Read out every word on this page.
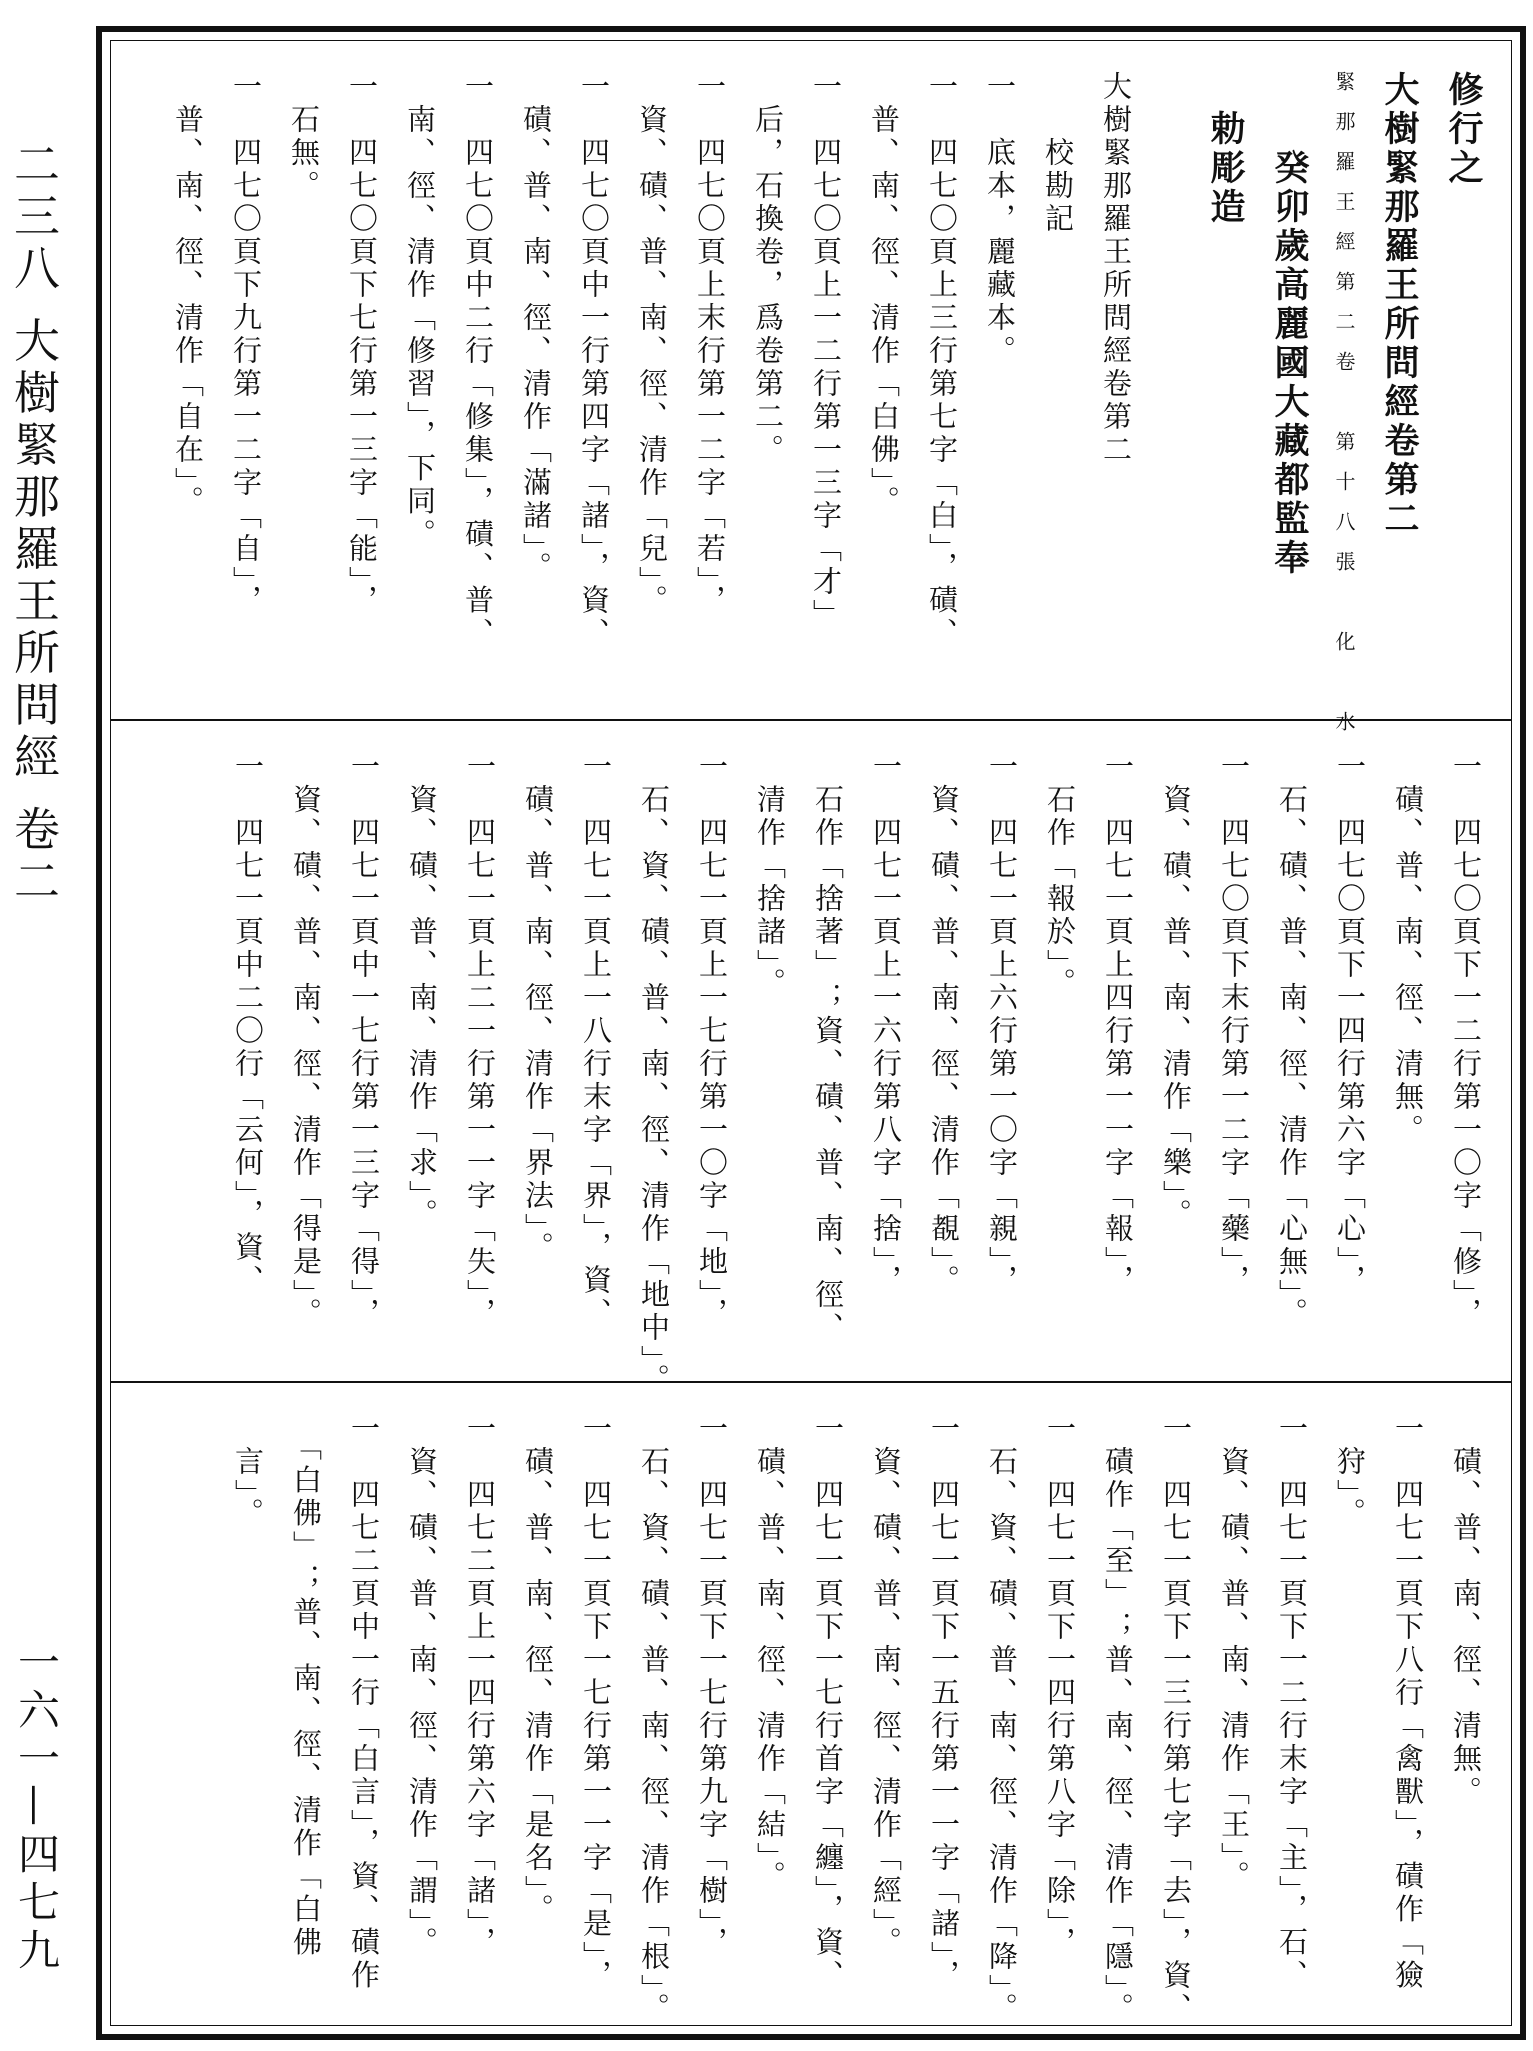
二三八 大樹緊那羅王所問經 卷二
一六一—四七九
修行之
大樹緊那羅王所問經卷第二
緊那羅王經第二卷　第十八張　化　水
　　癸卯歲高麗國大藏都監奉
　勅彫造
大樹緊那羅王所問經卷第二
　　校勘記
一　底本，麗藏本。
一　四七〇頁上三行第七字「白」，磧、
　普、南、徑、清作「白佛」。
一　四七〇頁上一二行第一三字「才」
　后，石換卷，爲卷第二。
一　四七〇頁上末行第一二字「若」，
　資、磧、普、南、徑、清作「兒」。
一　四七〇頁中一行第四字「諸」，資、
　磧、普、南、徑、清作「滿諸」。
一　四七〇頁中二行「修集」，磧、普、
　南、徑、清作「修習」，下同。
一　四七〇頁下七行第一三字「能」，
　石無。
一　四七〇頁下九行第一二字「自」，
　普、南、徑、清作「自在」。
一　四七〇頁下一二行第一〇字「修」，
　磧、普、南、徑、清無。
一　四七〇頁下一四行第六字「心」，
　石、磧、普、南、徑、清作「心無」。
一　四七〇頁下末行第一二字「藥」，
　資、磧、普、南、清作「樂」。
一　四七一頁上四行第一一字「報」，
　石作「報於」。
一　四七一頁上六行第一〇字「親」，
　資、磧、普、南、徑、清作「覩」。
一　四七一頁上一六行第八字「捨」，
　石作「捨著」；資、磧、普、南、徑、
　清作「捨諸」。
一　四七一頁上一七行第一〇字「地」，
　石、資、磧、普、南、徑、清作「地中」。
一　四七一頁上一八行末字「界」，資、
　磧、普、南、徑、清作「界法」。
一　四七一頁上二一行第一一字「失」，
　資、磧、普、南、清作「求」。
一　四七一頁中一七行第一三字「得」，
　資、磧、普、南、徑、清作「得是」。
一　四七一頁中二〇行「云何」，資、
　磧、普、南、徑、清無。
一　四七一頁下八行「禽獸」，磧作「獫
　狩」。
一　四七一頁下一二行末字「主」，石、
　資、磧、普、南、清作「王」。
一　四七一頁下一三行第七字「去」，資、
　磧作「至」；普、南、徑、清作「隱」。
一　四七一頁下一四行第八字「除」，
　石、資、磧、普、南、徑、清作「降」。
一　四七一頁下一五行第一一字「諸」，
　資、磧、普、南、徑、清作「經」。
一　四七一頁下一七行首字「纏」，資、
　磧、普、南、徑、清作「結」。
一　四七一頁下一七行第九字「樹」，
　石、資、磧、普、南、徑、清作「根」。
一　四七一頁下一七行第一一字「是」，
　磧、普、南、徑、清作「是名」。
一　四七二頁上一四行第六字「諸」，
　資、磧、普、南、徑、清作「謂」。
一　四七二頁中一行「白言」，資、磧作
　「白佛」；普、南、徑、清作「白佛
　言」。
